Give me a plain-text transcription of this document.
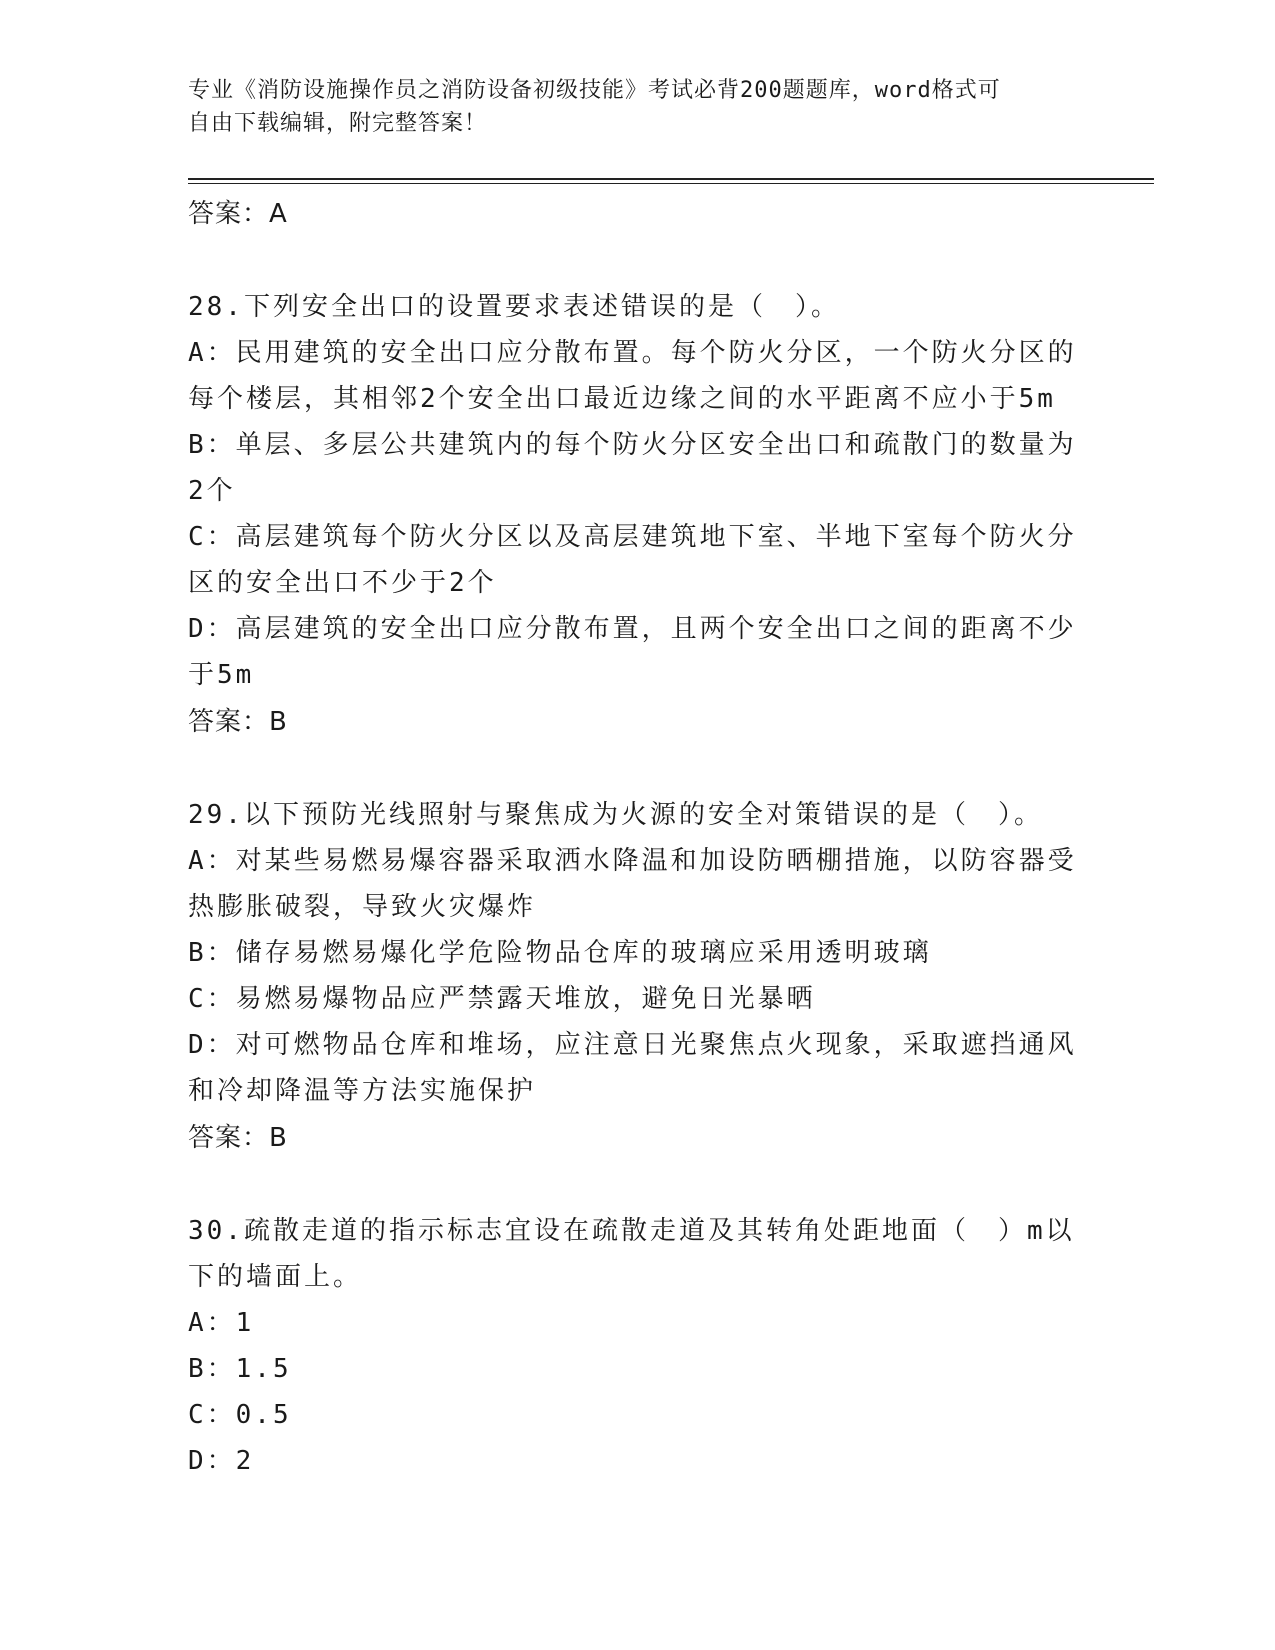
专业《消防设施操作员之消防设备初级技能》考试必背200题题库，word格式可
自由下载编辑，附完整答案！

答案：A

28.下列安全出口的设置要求表述错误的是（　）。

A：民用建筑的安全出口应分散布置。每个防火分区，一个防火分区的

每个楼层，其相邻2个安全出口最近边缘之间的水平距离不应小于5m

B：单层、多层公共建筑内的每个防火分区安全出口和疏散门的数量为

2个

C：高层建筑每个防火分区以及高层建筑地下室、半地下室每个防火分

区的安全出口不少于2个

D：高层建筑的安全出口应分散布置，且两个安全出口之间的距离不少

于5m

答案：B

29.以下预防光线照射与聚焦成为火源的安全对策错误的是（　）。

A：对某些易燃易爆容器采取洒水降温和加设防晒棚措施，以防容器受

热膨胀破裂，导致火灾爆炸

B：储存易燃易爆化学危险物品仓库的玻璃应采用透明玻璃

C：易燃易爆物品应严禁露天堆放，避免日光暴晒

D：对可燃物品仓库和堆场，应注意日光聚焦点火现象，采取遮挡通风

和冷却降温等方法实施保护

答案：B

30.疏散走道的指示标志宜设在疏散走道及其转角处距地面（　）m以

下的墙面上。

A：1

B：1.5

C：0.5

D：2
